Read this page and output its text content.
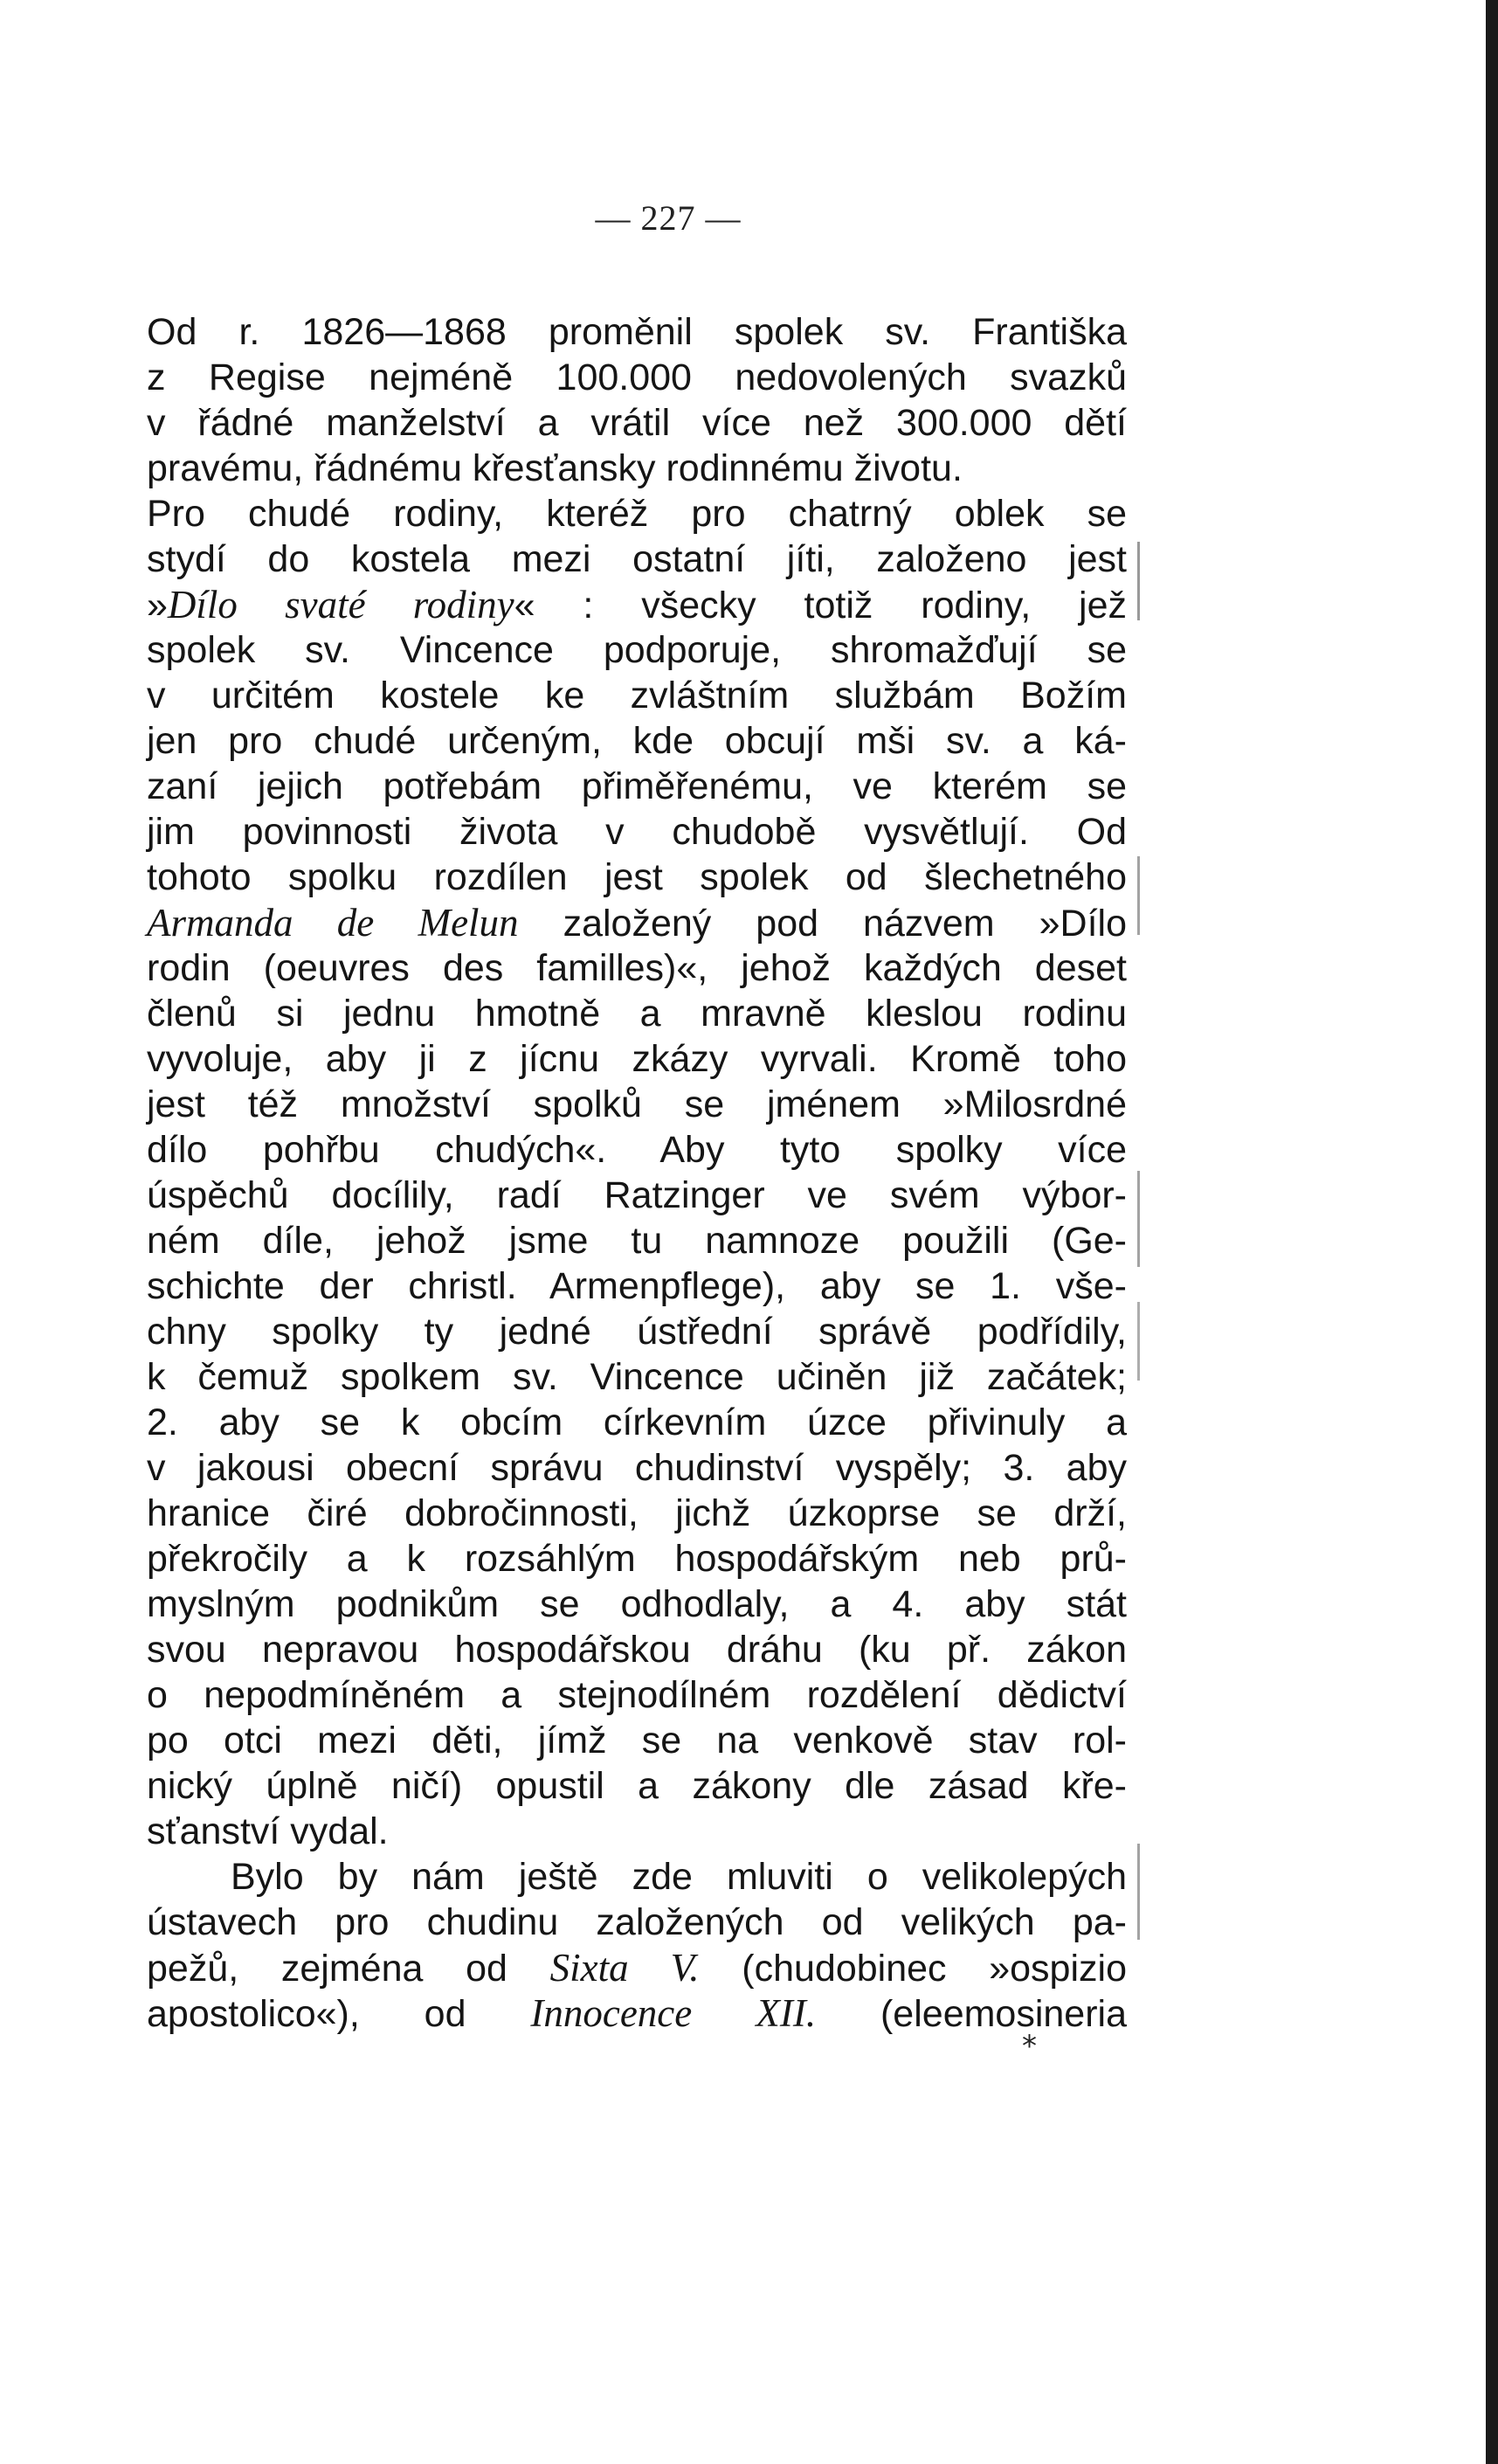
— 227 —
Od r. 1826—1868 proměnil spolek sv. Františka
z Regise nejméně 100.000 nedovolených svazků
v řádné manželství a vrátil více než 300.000 dětí
pravému, řádnému křesťansky rodinnému životu.
Pro chudé rodiny, kteréž pro chatrný oblek se
stydí do kostela mezi ostatní jíti, založeno jest
»Dílo svaté rodiny« : všecky totiž rodiny, jež
spolek sv. Vincence podporuje, shromažďují se
v určitém kostele ke zvláštním službám Božím
jen pro chudé určeným, kde obcují mši sv. a ká-
zaní jejich potřebám přiměřenému, ve kterém se
jim povinnosti života v chudobě vysvětlují. Od
tohoto spolku rozdílen jest spolek od šlechetného
Armanda de Melun založený pod názvem »Dílo
rodin (oeuvres des familles)«, jehož každých deset
členů si jednu hmotně a mravně kleslou rodinu
vyvoluje, aby ji z jícnu zkázy vyrvali. Kromě toho
jest též množství spolků se jménem »Milosrdné
dílo pohřbu chudých«. Aby tyto spolky více
úspěchů docílily, radí Ratzinger ve svém výbor-
ném díle, jehož jsme tu namnoze použili (Ge-
schichte der christl. Armenpflege), aby se 1. vše-
chny spolky ty jedné ústřední správě podřídily,
k čemuž spolkem sv. Vincence učiněn již začátek;
2. aby se k obcím církevním úzce přivinuly a
v jakousi obecní správu chudinství vyspěly; 3. aby
hranice čiré dobročinnosti, jichž úzkoprse se drží,
překročily a k rozsáhlým hospodářským neb prů-
myslným podnikům se odhodlaly, a 4. aby stát
svou nepravou hospodářskou dráhu (ku př. zákon
o nepodmíněném a stejnodílném rozdělení dědictví
po otci mezi děti, jímž se na venkově stav rol-
nický úplně ničí) opustil a zákony dle zásad kře-
sťanství vydal.
Bylo by nám ještě zde mluviti o velikolepých
ústavech pro chudinu založených od velikých pa-
pežů, zejména od Sixta V. (chudobinec »ospizio
apostolico«), od Innocence XII. (eleemosineria
*
